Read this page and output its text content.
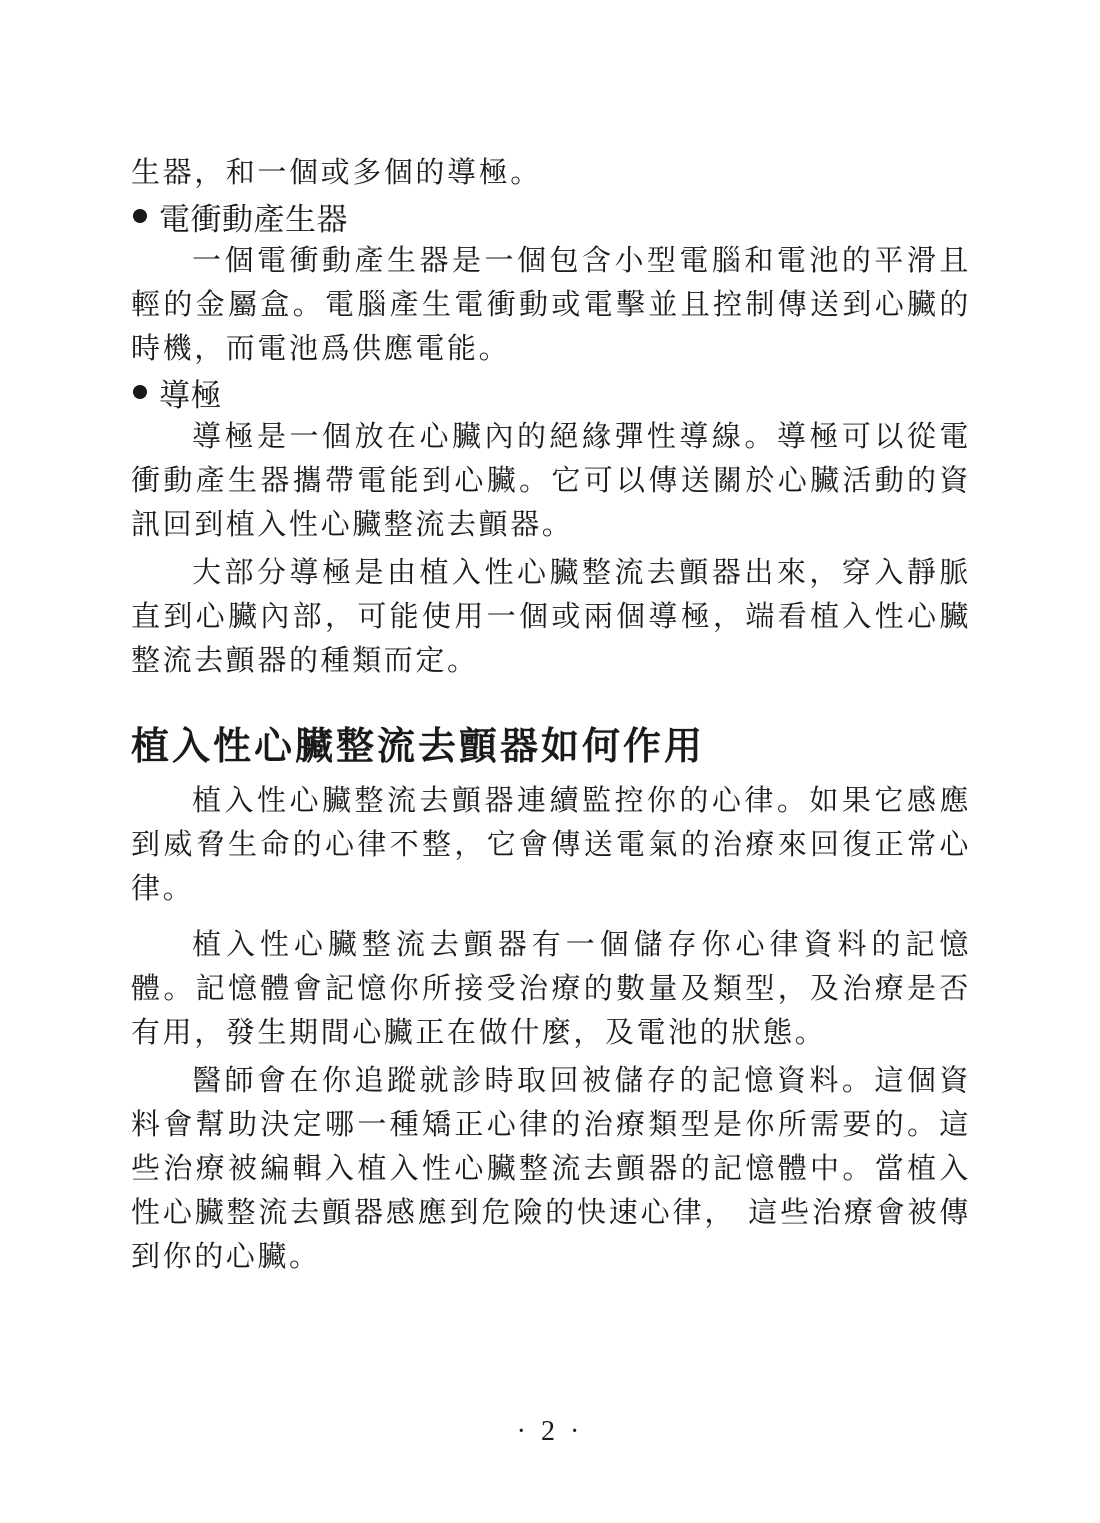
生器，和一個或多個的導極。

電衝動產生器

一個電衝動產生器是一個包含小型電腦和電池的平滑且輕的金屬盒。電腦產生電衝動或電擊並且控制傳送到心臟的時機，而電池爲供應電能。

導極

導極是一個放在心臟內的絕緣彈性導線。導極可以從電衝動產生器攜帶電能到心臟。它可以傳送關於心臟活動的資訊回到植入性心臟整流去顫器。

大部分導極是由植入性心臟整流去顫器出來，穿入靜脈直到心臟內部，可能使用一個或兩個導極，端看植入性心臟整流去顫器的種類而定。

植入性心臟整流去顫器如何作用

植入性心臟整流去顫器連續監控你的心律。如果它感應到威脅生命的心律不整，它會傳送電氣的治療來回復正常心律。

植入性心臟整流去顫器有一個儲存你心律資料的記憶體。記憶體會記憶你所接受治療的數量及類型，及治療是否有用，發生期間心臟正在做什麼，及電池的狀態。

醫師會在你追蹤就診時取回被儲存的記憶資料。這個資料會幫助決定哪一種矯正心律的治療類型是你所需要的。這些治療被編輯入植入性心臟整流去顫器的記憶體中。當植入性心臟整流去顫器感應到危險的快速心律， 這些治療會被傳到你的心臟。

· 2 ·
